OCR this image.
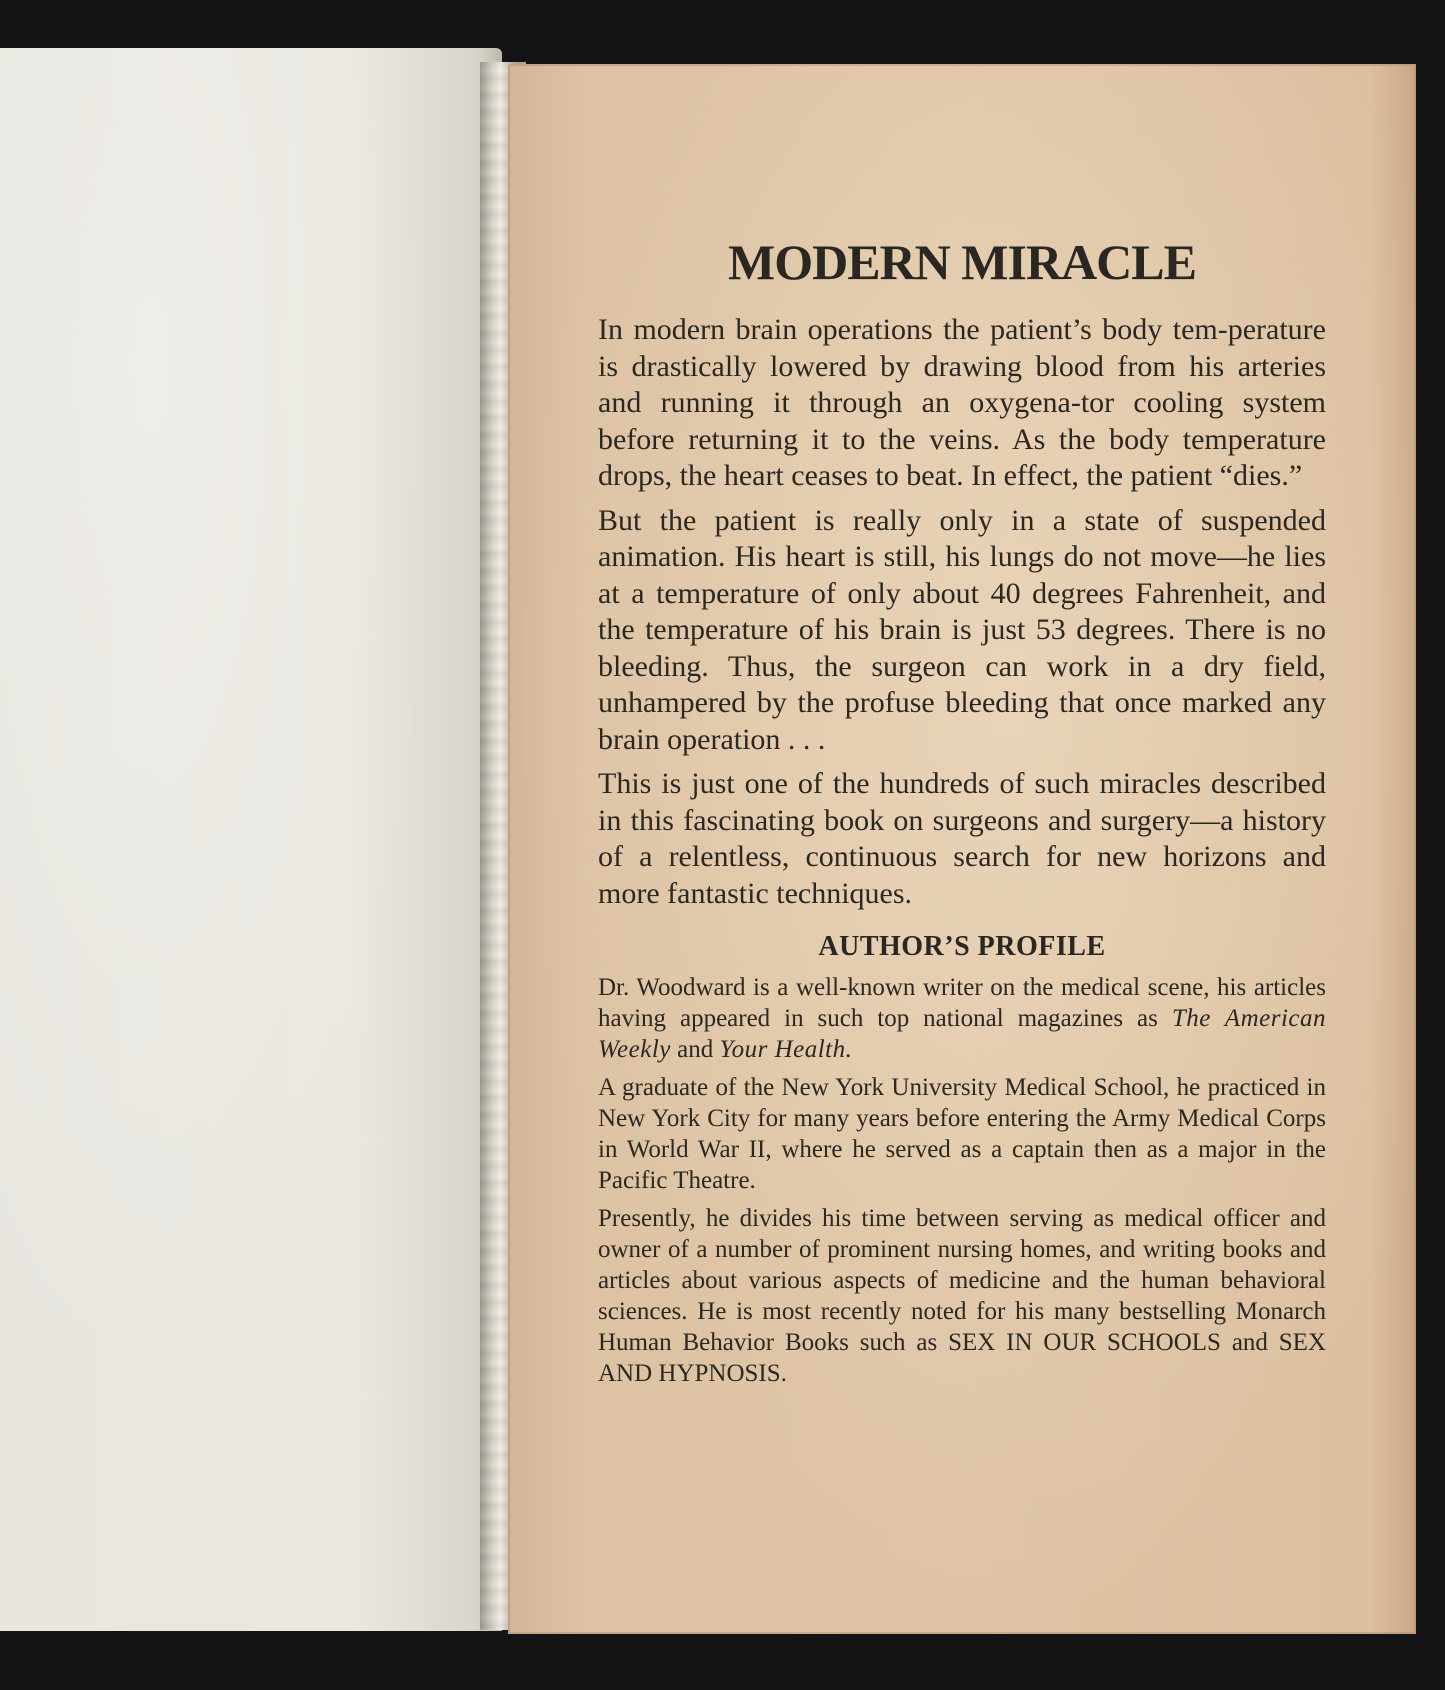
MODERN MIRACLE

In modern brain operations the patient’s body tem-perature is drastically lowered by drawing blood from his arteries and running it through an oxygena-tor cooling system before returning it to the veins. As the body temperature drops, the heart ceases to beat. In effect, the patient “dies.”

But the patient is really only in a state of suspended animation. His heart is still, his lungs do not move—he lies at a temperature of only about 40 degrees Fahrenheit, and the temperature of his brain is just 53 degrees. There is no bleeding. Thus, the surgeon can work in a dry field, unhampered by the profuse bleeding that once marked any brain operation . . .

This is just one of the hundreds of such miracles described in this fascinating book on surgeons and surgery—a history of a relentless, continuous search for new horizons and more fantastic techniques.

AUTHOR’S PROFILE

Dr. Woodward is a well-known writer on the medical scene, his articles having appeared in such top national magazines as The American Weekly and Your Health.

A graduate of the New York University Medical School, he practiced in New York City for many years before entering the Army Medical Corps in World War II, where he served as a captain then as a major in the Pacific Theatre.

Presently, he divides his time between serving as medical officer and owner of a number of prominent nursing homes, and writing books and articles about various aspects of medicine and the human behavioral sciences. He is most recently noted for his many bestselling Monarch Human Behavior Books such as SEX IN OUR SCHOOLS and SEX AND HYPNOSIS.
